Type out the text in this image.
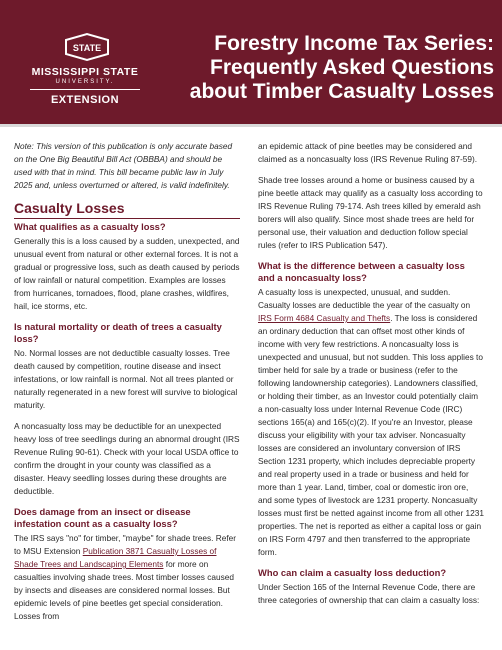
STATE
MISSISSIPPI STATE
UNIVERSITY.
EXTENSION
Forestry Income Tax Series:
Frequently Asked Questions
about Timber Casualty Losses

Note: This version of this publication is only accurate based on the One Big Beautiful Bill Act (OBBBA) and should be used with that in mind. This bill became public law in July 2025 and, unless overturned or altered, is valid indefinitely.

Casualty Losses
What qualifies as a casualty loss?

Generally this is a loss caused by a sudden, unexpected, and unusual event from natural or other external forces. It is not a gradual or progressive loss, such as death caused by periods of low rainfall or natural competition. Examples are losses from hurricanes, tornadoes, flood, plane crashes, wildfires, hail, ice storms, etc.

Is natural mortality or death of trees a casualty loss?

No. Normal losses are not deductible casualty losses. Tree death caused by competition, routine disease and insect infestations, or low rainfall is normal. Not all trees planted or naturally regenerated in a new forest will survive to biological maturity.

A noncasualty loss may be deductible for an unexpected heavy loss of tree seedlings during an abnormal drought (IRS Revenue Ruling 90-61). Check with your local USDA office to confirm the drought in your county was classified as a disaster. Heavy seedling losses during these droughts are deductible.

Does damage from an insect or disease infestation count as a casualty loss?

The IRS says "no" for timber, "maybe" for shade trees. Refer to MSU Extension Publication 3871 Casualty Losses of Shade Trees and Landscaping Elements for more on casualties involving shade trees. Most timber losses caused by insects and diseases are considered normal losses. But epidemic levels of pine beetles get special consideration. Losses from

an epidemic attack of pine beetles may be considered and claimed as a noncasualty loss (IRS Revenue Ruling 87-59).

Shade tree losses around a home or business caused by a pine beetle attack may qualify as a casualty loss according to IRS Revenue Ruling 79-174. Ash trees killed by emerald ash borers will also qualify. Since most shade trees are held for personal use, their valuation and deduction follow special rules (refer to IRS Publication 547).

What is the difference between a casualty loss and a noncasualty loss?

A casualty loss is unexpected, unusual, and sudden. Casualty losses are deductible the year of the casualty on IRS Form 4684 Casualty and Thefts. The loss is considered an ordinary deduction that can offset most other kinds of income with very few restrictions. A noncasualty loss is unexpected and unusual, but not sudden. This loss applies to timber held for sale by a trade or business (refer to the following landownership categories). Landowners classified, or holding their timber, as an Investor could potentially claim a non-casualty loss under Internal Revenue Code (IRC) sections 165(a) and 165(c)(2). If you're an Investor, please discuss your eligibility with your tax adviser. Noncasualty losses are considered an involuntary conversion of IRS Section 1231 property, which includes depreciable property and real property used in a trade or business and held for more than 1 year. Land, timber, coal or domestic iron ore, and some types of livestock are 1231 property. Noncasualty losses must first be netted against income from all other 1231 properties. The net is reported as either a capital loss or gain on IRS Form 4797 and then transferred to the appropriate form.

Who can claim a casualty loss deduction?

Under Section 165 of the Internal Revenue Code, there are three categories of ownership that can claim a casualty loss:
